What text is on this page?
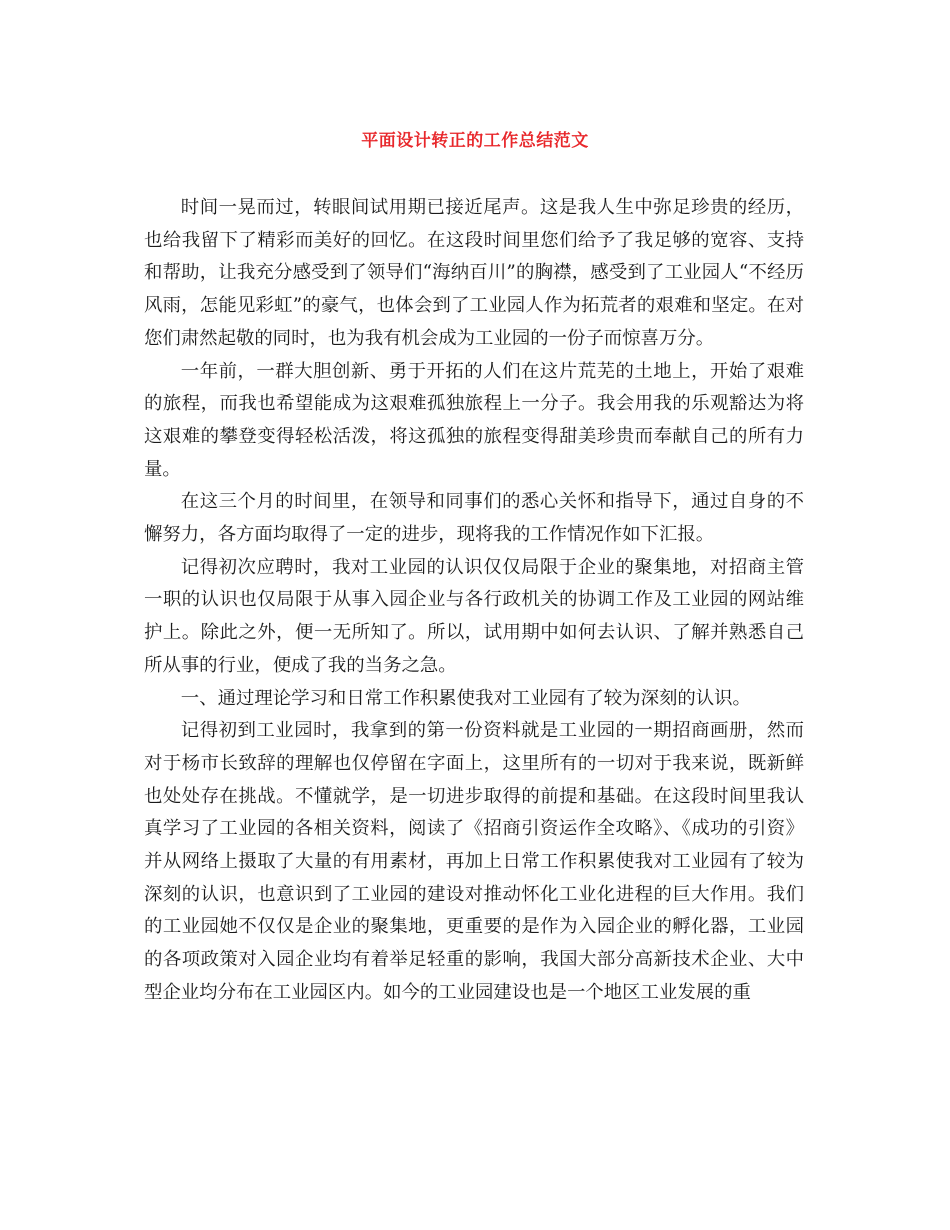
平面设计转正的工作总结范文

时间一晃而过，转眼间试用期已接近尾声。这是我人生中弥足珍贵的经历，也给我留下了精彩而美好的回忆。在这段时间里您们给予了我足够的宽容、支持和帮助，让我充分感受到了领导们“海纳百川”的胸襟，感受到了工业园人“不经历风雨，怎能见彩虹”的豪气，也体会到了工业园人作为拓荒者的艰难和坚定。在对您们肃然起敬的同时，也为我有机会成为工业园的一份子而惊喜万分。

一年前，一群大胆创新、勇于开拓的人们在这片荒芜的土地上，开始了艰难的旅程，而我也希望能成为这艰难孤独旅程上一分子。我会用我的乐观豁达为将这艰难的攀登变得轻松活泼，将这孤独的旅程变得甜美珍贵而奉献自己的所有力量。

在这三个月的时间里，在领导和同事们的悉心关怀和指导下，通过自身的不懈努力，各方面均取得了一定的进步，现将我的工作情况作如下汇报。

记得初次应聘时，我对工业园的认识仅仅局限于企业的聚集地，对招商主管一职的认识也仅局限于从事入园企业与各行政机关的协调工作及工业园的网站维护上。除此之外，便一无所知了。所以，试用期中如何去认识、了解并熟悉自己所从事的行业，便成了我的当务之急。

一、通过理论学习和日常工作积累使我对工业园有了较为深刻的认识。

记得初到工业园时，我拿到的第一份资料就是工业园的一期招商画册，然而对于杨市长致辞的理解也仅停留在字面上，这里所有的一切对于我来说，既新鲜也处处存在挑战。不懂就学，是一切进步取得的前提和基础。在这段时间里我认真学习了工业园的各相关资料，阅读了《招商引资运作全攻略》、《成功的引资》并从网络上摄取了大量的有用素材，再加上日常工作积累使我对工业园有了较为深刻的认识，也意识到了工业园的建设对推动怀化工业化进程的巨大作用。我们的工业园她不仅仅是企业的聚集地，更重要的是作为入园企业的孵化器，工业园的各项政策对入园企业均有着举足轻重的影响，我国大部分高新技术企业、大中型企业均分布在工业园区内。如今的工业园建设也是一个地区工业发展的重
